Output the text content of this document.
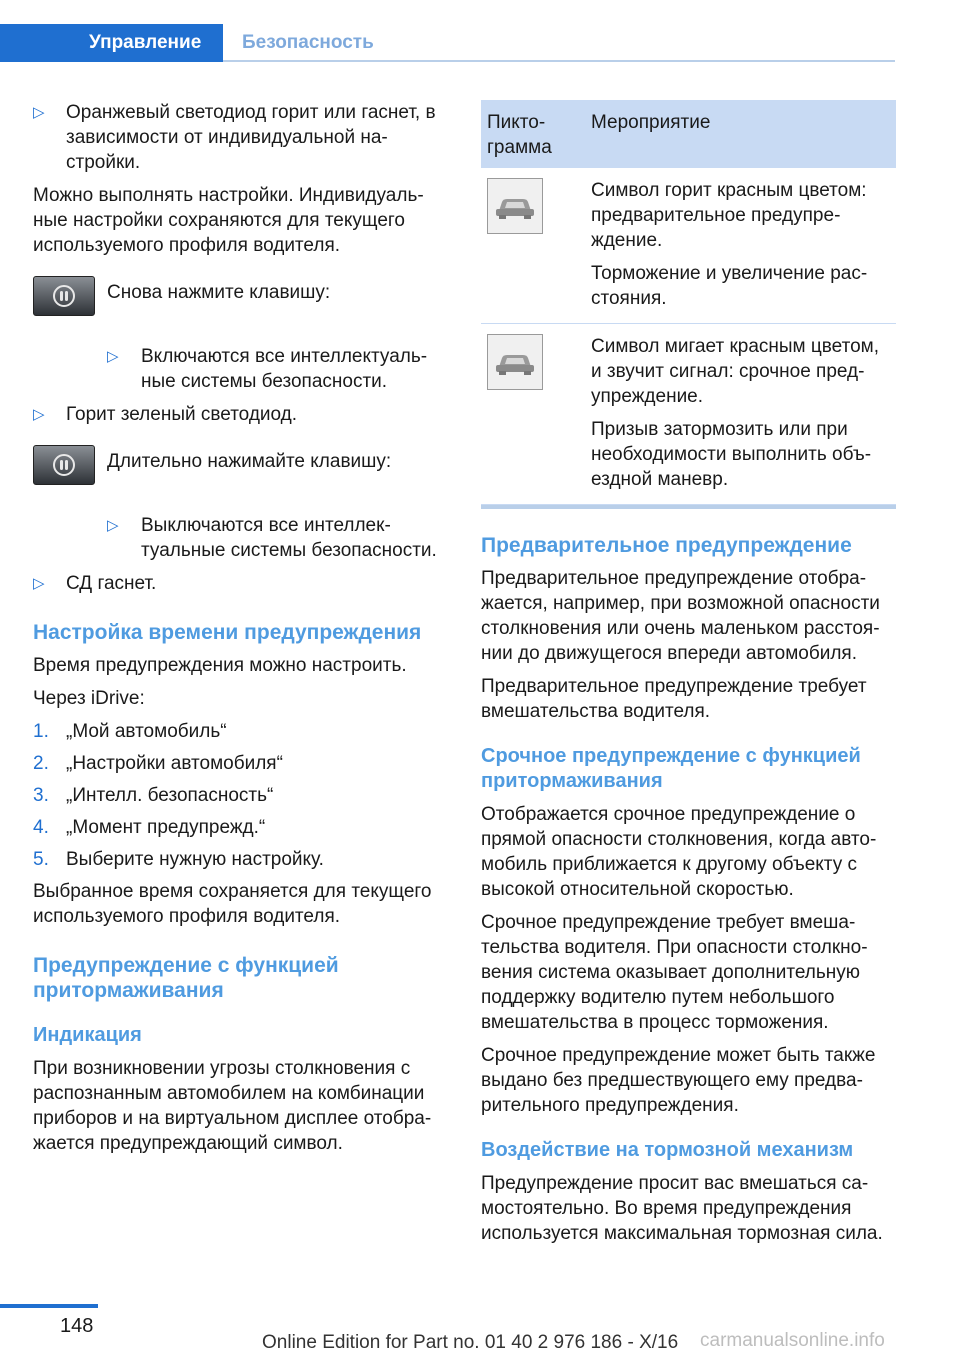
Управление	Безопасность
▷ Оранжевый светодиод горит или гаснет, в зависимости от индивидуальной настройки.

Можно выполнять настройки. Индивидуальные настройки сохраняются для текущего используемого профиля водителя.

Снова нажмите клавишу:
▷ Включаются все интеллектуальные системы безопасности.
▷ Горит зеленый светодиод.
Длительно нажимайте клавишу:
▷ Выключаются все интеллектуальные системы безопасности.
▷ СД гаснет.
Настройка времени предупреждения

Время предупреждения можно настроить.

Через iDrive:

1. „Мой автомобиль“
2. „Настройки автомобиля“
3. „Интелл. безопасность“
4. „Момент предупрежд.“
5. Выберите нужную настройку.

Выбранное время сохраняется для текущего используемого профиля водителя.

Предупреждение с функцией притормаживания
Индикация

При возникновении угрозы столкновения с распознанным автомобилем на комбинации приборов и на виртуальном дисплее отображается предупреждающий символ.

Пиктограмма	Мероприятие

Символ горит красным цветом: предварительное предупреждение.

Торможение и увеличение расстояния.

Символ мигает красным цветом, и звучит сигнал: срочное предупреждение.

Призыв затормозить или при необходимости выполнить объездной маневр.

Предварительное предупреждение

Предварительное предупреждение отображается, например, при возможной опасности столкновения или очень маленьком расстоянии до движущегося впереди автомобиля.

Предварительное предупреждение требует вмешательства водителя.

Срочное предупреждение с функцией притормаживания

Отображается срочное предупреждение о прямой опасности столкновения, когда автомобиль приближается к другому объекту с высокой относительной скоростью.

Срочное предупреждение требует вмешательства водителя. При опасности столкновения система оказывает дополнительную поддержку водителю путем небольшого вмешательства в процесс торможения.

Срочное предупреждение может быть также выдано без предшествующего ему предварительного предупреждения.

Воздействие на тормозной механизм

Предупреждение просит вас вмешаться самостоятельно. Во время предупреждения используется максимальная тормозная сила.

148
Online Edition for Part no. 01 40 2 976 186 - X/16 carmanualsonline.info
